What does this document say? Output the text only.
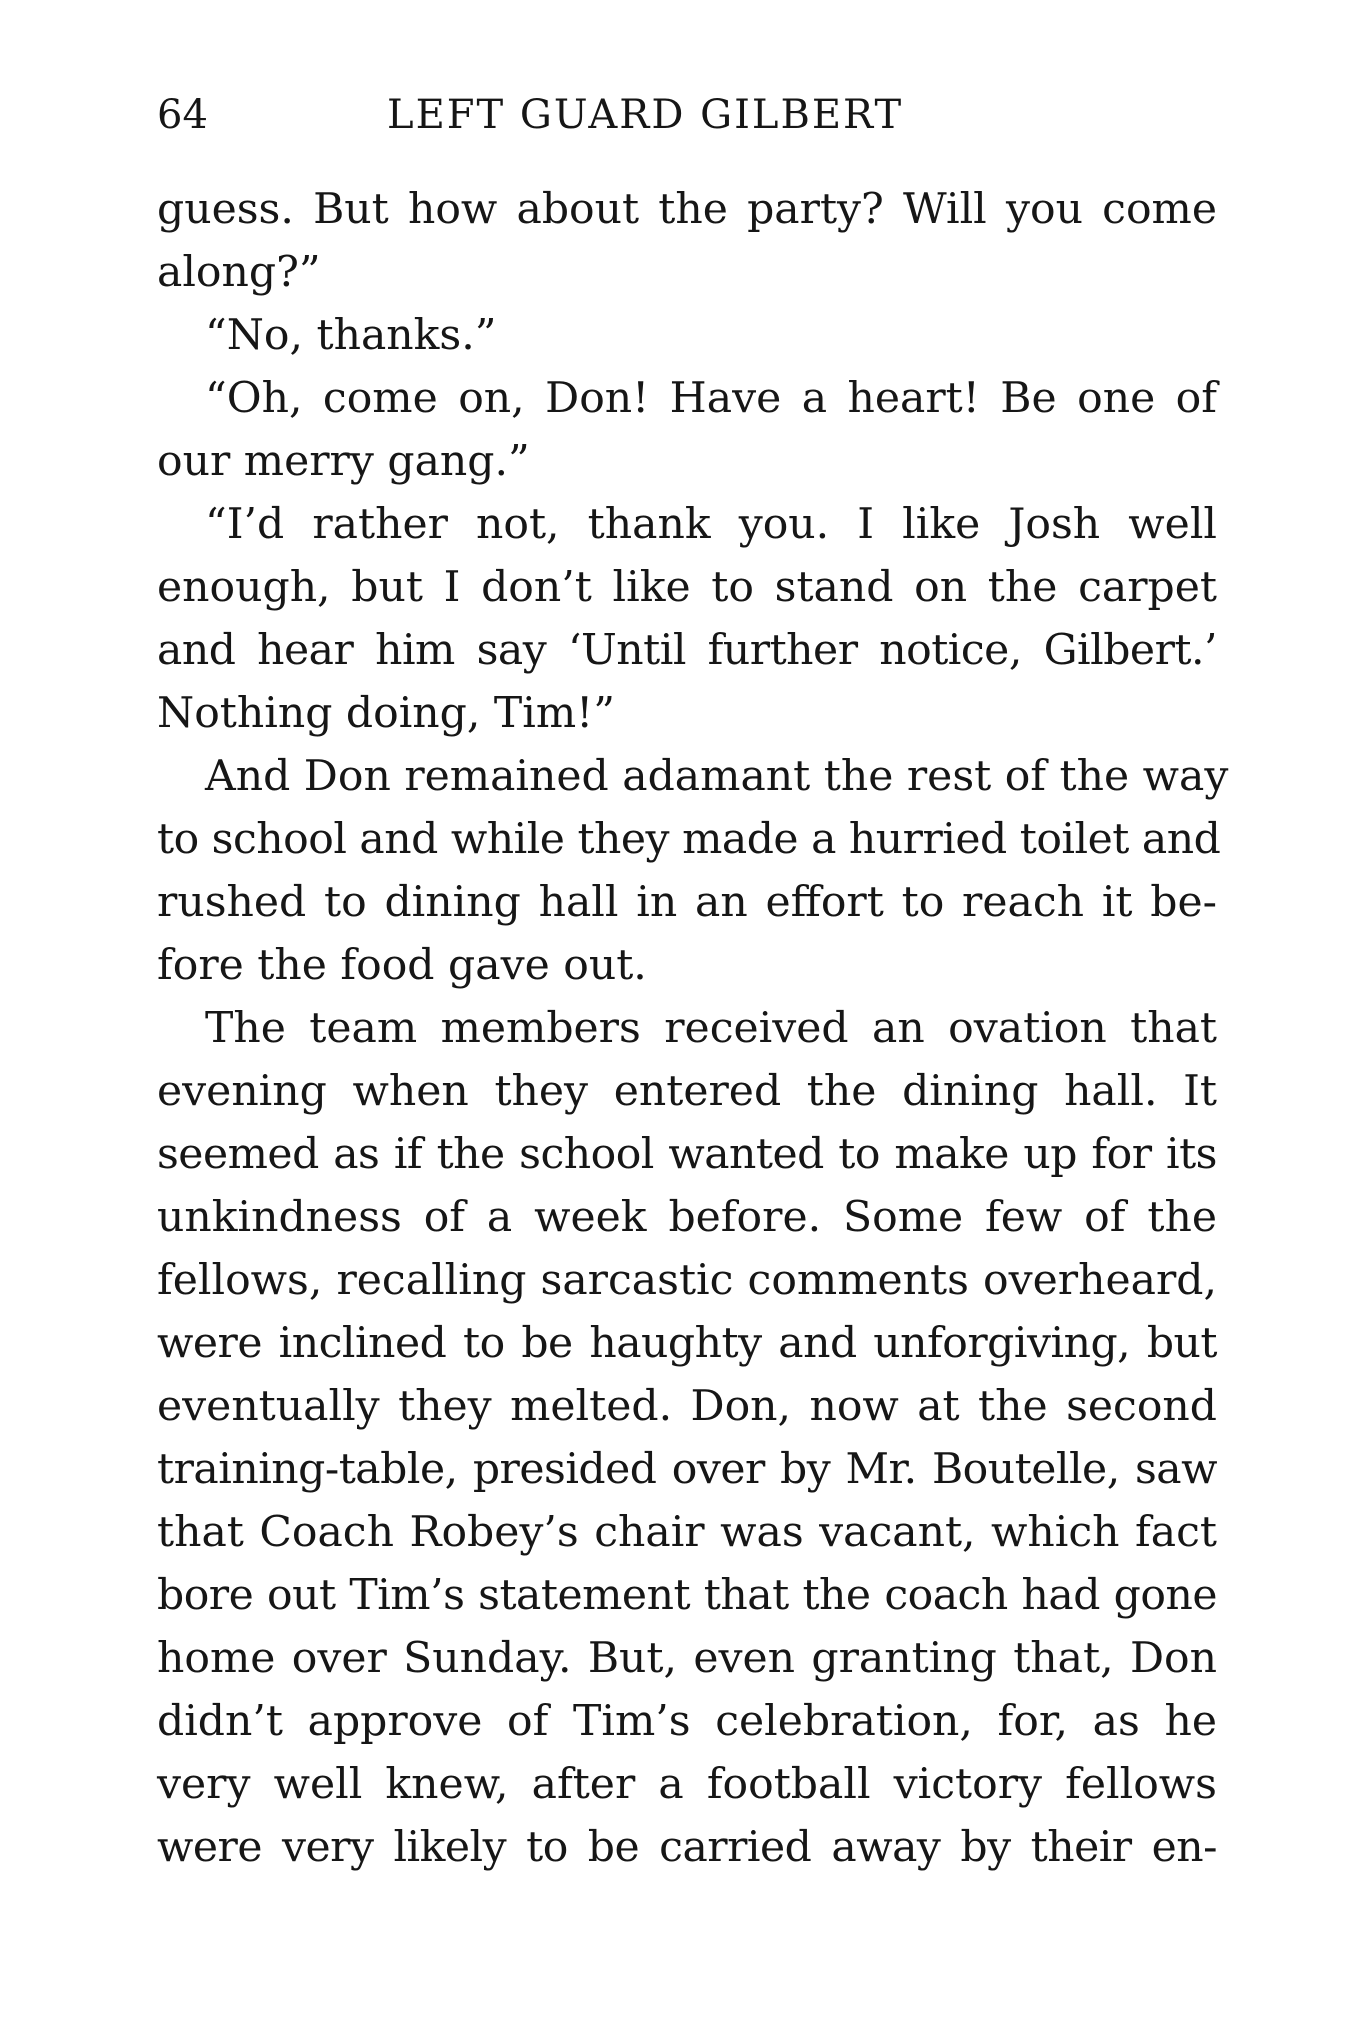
64	LEFT GUARD GILBERT
guess. But how about the party? Will you come
along?”
“No, thanks.”
“Oh, come on, Don! Have a heart! Be one of
our merry gang.”
“I’d rather not, thank you. I like Josh well
enough, but I don’t like to stand on the carpet
and hear him say ‘Until further notice, Gilbert.’
Nothing doing, Tim!”
And Don remained adamant the rest of the way
to school and while they made a hurried toilet and
rushed to dining hall in an effort to reach it be-
fore the food gave out.
The team members received an ovation that
evening when they entered the dining hall. It
seemed as if the school wanted to make up for its
unkindness of a week before. Some few of the
fellows, recalling sarcastic comments overheard,
were inclined to be haughty and unforgiving, but
eventually they melted. Don, now at the second
training-table, presided over by Mr. Boutelle, saw
that Coach Robey’s chair was vacant, which fact
bore out Tim’s statement that the coach had gone
home over Sunday. But, even granting that, Don
didn’t approve of Tim’s celebration, for, as he
very well knew, after a football victory fellows
were very likely to be carried away by their en-
